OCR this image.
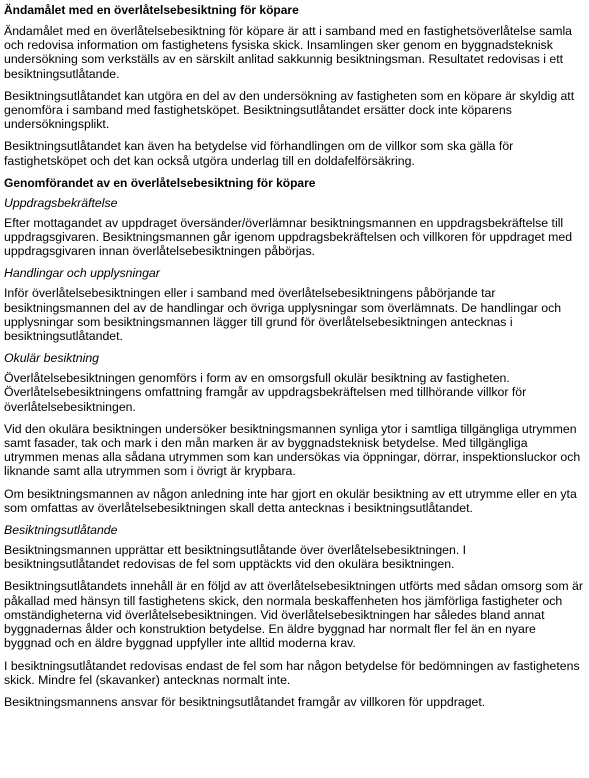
Ändamålet med en överlåtelsebesiktning för köpare

Ändamålet med en överlåtelsebesiktning för köpare är att i samband med en fastighetsöverlåtelse samla och redovisa information om fastighetens fysiska skick. Insamlingen sker genom en byggnadsteknisk undersökning som verkställs av en särskilt anlitad sakkunnig besiktningsman. Resultatet redovisas i ett besiktningsutlåtande.

Besiktningsutlåtandet kan utgöra en del av den undersökning av fastigheten som en köpare är skyldig att genomföra i samband med fastighetsköpet. Besiktningsutlåtandet ersätter dock inte köparens undersökningsplikt.

Besiktningsutlåtandet kan även ha betydelse vid förhandlingen om de villkor som ska gälla för fastighetsköpet och det kan också utgöra underlag till en doldafelförsäkring.

Genomförandet av en överlåtelsebesiktning för köpare
Uppdragsbekräftelse

Efter mottagandet av uppdraget översänder/överlämnar besiktningsmannen en uppdragsbekräftelse till uppdragsgivaren. Besiktningsmannen går igenom uppdragsbekräftelsen och villkoren för uppdraget med uppdragsgivaren innan överlåtelsebesiktningen påbörjas.

Handlingar och upplysningar

Inför överlåtelsebesiktningen eller i samband med överlåtelsebesiktningens påbörjande tar besiktningsmannen del av de handlingar och övriga upplysningar som överlämnats. De handlingar och upplysningar som besiktningsmannen lägger till grund för överlåtelsebesiktningen antecknas i besiktningsutlåtandet.

Okulär besiktning

Överlåtelsebesiktningen genomförs i form av en omsorgsfull okulär besiktning av fastigheten. Överlåtelsebesiktningens omfattning framgår av uppdragsbekräftelsen med tillhörande villkor för överlåtelsebesiktningen.

Vid den okulära besiktningen undersöker besiktningsmannen synliga ytor i samtliga tillgängliga utrymmen samt fasader, tak och mark i den mån marken är av byggnadsteknisk betydelse. Med tillgängliga utrymmen menas alla sådana utrymmen som kan undersökas via öppningar, dörrar, inspektionsluckor och liknande samt alla utrymmen som i övrigt är krypbara.

Om besiktningsmannen av någon anledning inte har gjort en okulär besiktning av ett utrymme eller en yta som omfattas av överlåtelsebesiktningen skall detta antecknas i besiktningsutlåtandet.

Besiktningsutlåtande

Besiktningsmannen upprättar ett besiktningsutlåtande över överlåtelsebesiktningen. I besiktningsutlåtandet redovisas de fel som upptäckts vid den okulära besiktningen.

Besiktningsutlåtandets innehåll är en följd av att överlåtelsebesiktningen utförts med sådan omsorg som är påkallad med hänsyn till fastighetens skick, den normala beskaffenheten hos jämförliga fastigheter och omständigheterna vid överlåtelsebesiktningen. Vid överlåtelsebesiktningen har således bland annat byggnadernas ålder och konstruktion betydelse. En äldre byggnad har normalt fler fel än en nyare byggnad och en äldre byggnad uppfyller inte alltid moderna krav.

I besiktningsutlåtandet redovisas endast de fel som har någon betydelse för bedömningen av fastighetens skick. Mindre fel (skavanker) antecknas normalt inte.

Besiktningsmannens ansvar för besiktningsutlåtandet framgår av villkoren för uppdraget.
